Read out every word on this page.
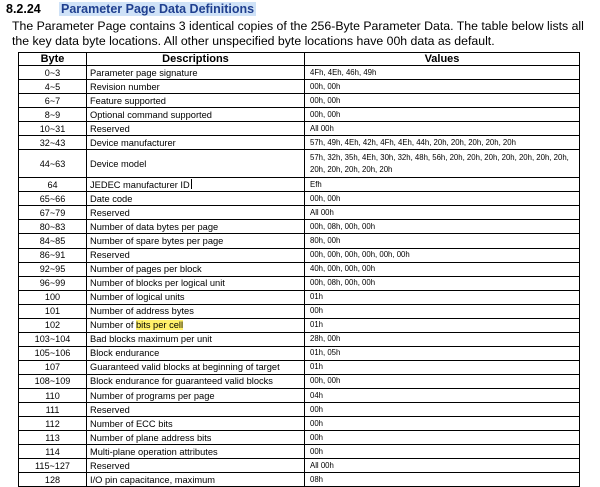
8.2.24 Parameter Page Data Definitions
The Parameter Page contains 3 identical copies of the 256-Byte Parameter Data. The table below lists all the key data byte locations. All other unspecified byte locations have 00h data as default.
Byte	Descriptions	Values
0~3	Parameter page signature	4Fh, 4Eh, 46h, 49h
4~5	Revision number	00h, 00h
6~7	Feature supported	00h, 00h
8~9	Optional command supported	00h, 00h
10~31	Reserved	All 00h
32~43	Device manufacturer	57h, 49h, 4Eh, 42h, 4Fh, 4Eh, 44h, 20h, 20h, 20h, 20h, 20h
44~63	Device model	57h, 32h, 35h, 4Eh, 30h, 32h, 48h, 56h, 20h, 20h, 20h, 20h, 20h, 20h, 20h, 20h, 20h, 20h, 20h, 20h
64	JEDEC manufacturer ID	Efh
65~66	Date code	00h, 00h
67~79	Reserved	All 00h
80~83	Number of data bytes per page	00h, 08h, 00h, 00h
84~85	Number of spare bytes per page	80h, 00h
86~91	Reserved	00h, 00h, 00h, 00h, 00h, 00h
92~95	Number of pages per block	40h, 00h, 00h, 00h
96~99	Number of blocks per logical unit	00h, 08h, 00h, 00h
100	Number of logical units	01h
101	Number of address bytes	00h
102	Number of bits per cell	01h
103~104	Bad blocks maximum per unit	28h, 00h
105~106	Block endurance	01h, 05h
107	Guaranteed valid blocks at beginning of target	01h
108~109	Block endurance for guaranteed valid blocks	00h, 00h
110	Number of programs per page	04h
111	Reserved	00h
112	Number of ECC bits	00h
113	Number of plane address bits	00h
114	Multi-plane operation attributes	00h
115~127	Reserved	All 00h
128	I/O pin capacitance, maximum	08h
